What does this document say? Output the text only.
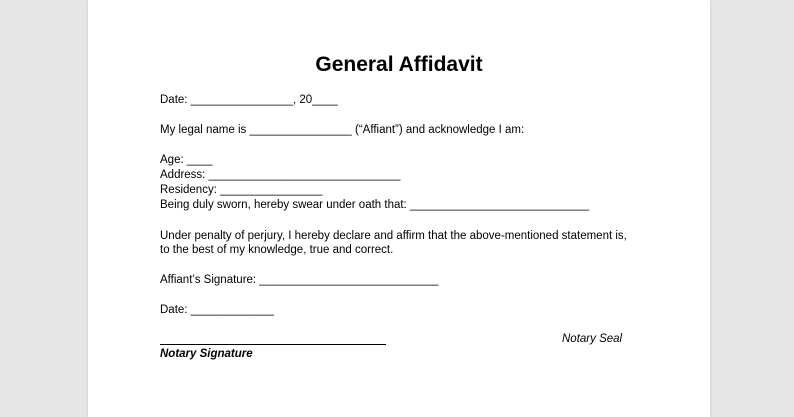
General Affidavit
Date: ________________, 20____
My legal name is ________________ (“Affiant”) and acknowledge I am:
Age: ____
Address: ______________________________
Residency: ________________
Being duly sworn, hereby swear under oath that: ____________________________
Under penalty of perjury, I hereby declare and affirm that the above-mentioned statement is,
to the best of my knowledge, true and correct.
Affiant’s Signature: ____________________________
Date: _____________
Notary Seal
Notary Signature
